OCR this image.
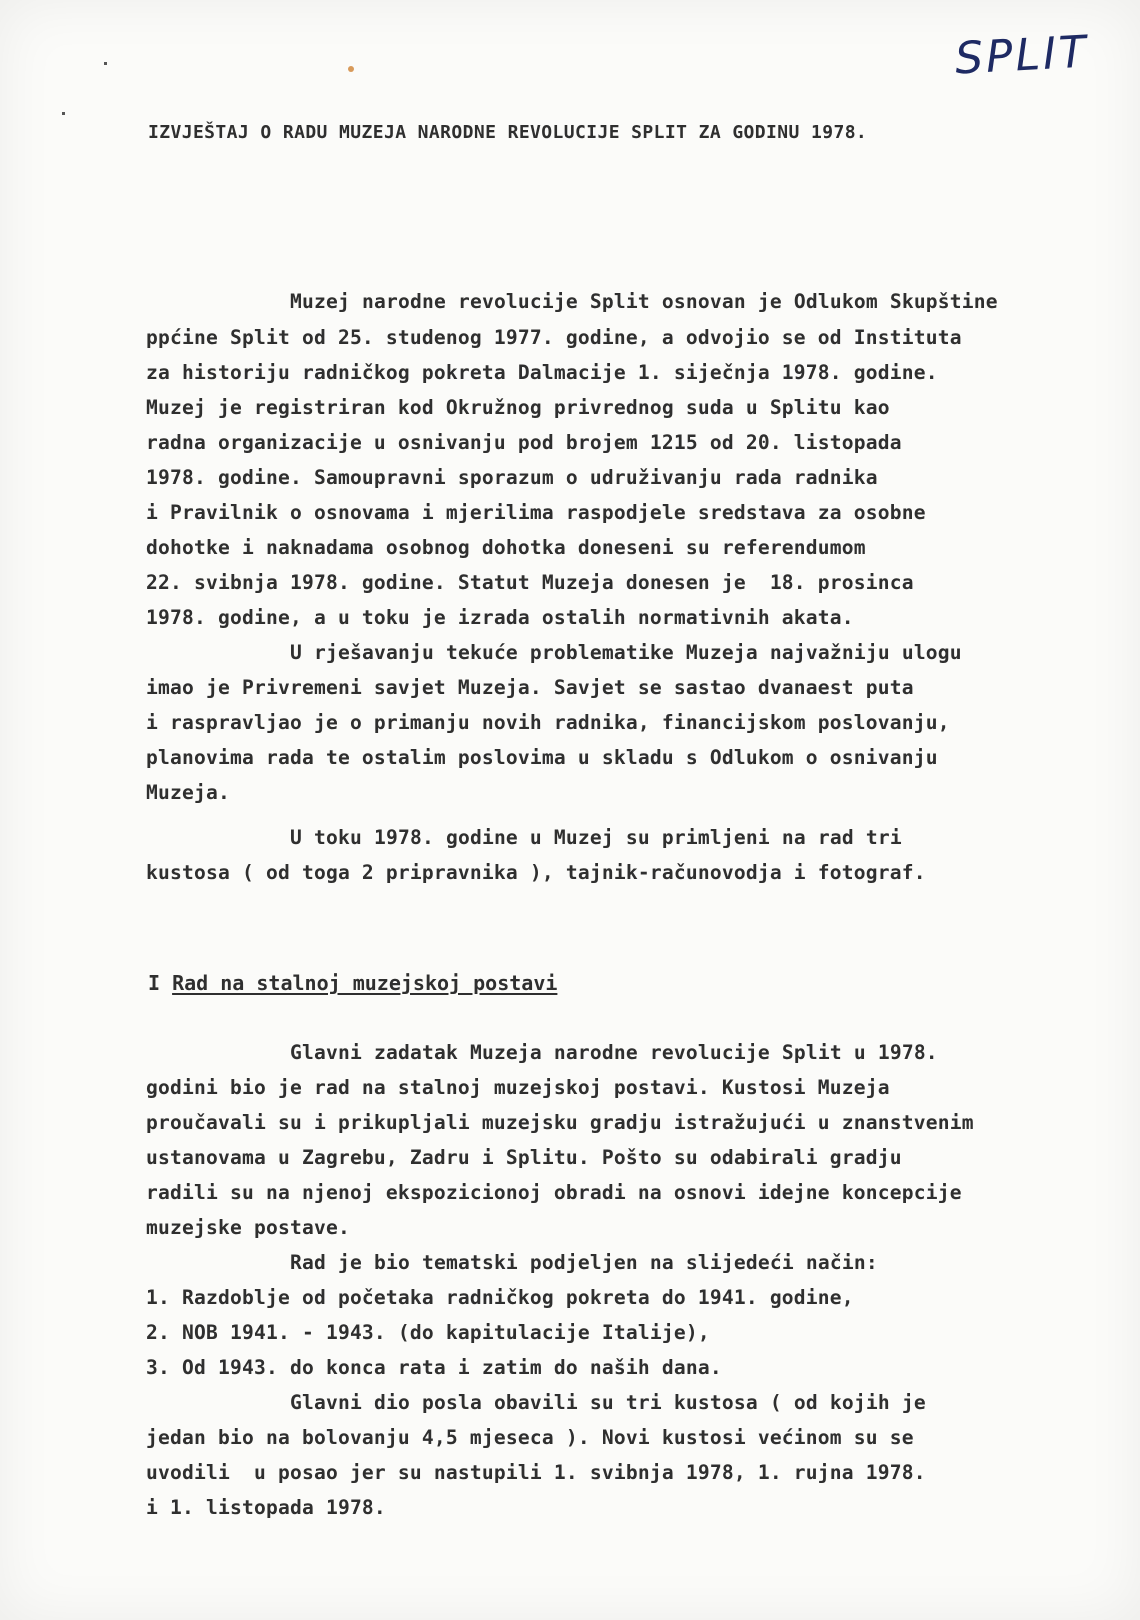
SPLIT
IZVJEŠTAJ O RADU MUZEJA NARODNE REVOLUCIJE SPLIT ZA GODINU 1978.
Muzej narodne revolucije Split osnovan je Odlukom Skupštine
ppćine Split od 25. studenog 1977. godine, a odvojio se od Instituta
za historiju radničkog pokreta Dalmacije 1. siječnja 1978. godine.
Muzej je registriran kod Okružnog privrednog suda u Splitu kao
radna organizacije u osnivanju pod brojem 1215 od 20. listopada
1978. godine. Samoupravni sporazum o udruživanju rada radnika
i Pravilnik o osnovama i mjerilima raspodjele sredstava za osobne
dohotke i naknadama osobnog dohotka doneseni su referendumom
22. svibnja 1978. godine. Statut Muzeja donesen je  18. prosinca
1978. godine, a u toku je izrada ostalih normativnih akata.
U rješavanju tekuće problematike Muzeja najvažniju ulogu
imao je Privremeni savjet Muzeja. Savjet se sastao dvanaest puta
i raspravljao je o primanju novih radnika, financijskom poslovanju,
planovima rada te ostalim poslovima u skladu s Odlukom o osnivanju
Muzeja.
U toku 1978. godine u Muzej su primljeni na rad tri
kustosa ( od toga 2 pripravnika ), tajnik-računovodja i fotograf.
I Rad na stalnoj muzejskoj postavi
Glavni zadatak Muzeja narodne revolucije Split u 1978.
godini bio je rad na stalnoj muzejskoj postavi. Kustosi Muzeja
proučavali su i prikupljali muzejsku gradju istražujući u znanstvenim
ustanovama u Zagrebu, Zadru i Splitu. Pošto su odabirali gradju
radili su na njenoj ekspozicionoj obradi na osnovi idejne koncepcije
muzejske postave.
Rad je bio tematski podjeljen na slijedeći način:
1. Razdoblje od početaka radničkog pokreta do 1941. godine,
2. NOB 1941. - 1943. (do kapitulacije Italije),
3. Od 1943. do konca rata i zatim do naših dana.
Glavni dio posla obavili su tri kustosa ( od kojih je
jedan bio na bolovanju 4,5 mjeseca ). Novi kustosi većinom su se
uvodili  u posao jer su nastupili 1. svibnja 1978, 1. rujna 1978.
i 1. listopada 1978.
